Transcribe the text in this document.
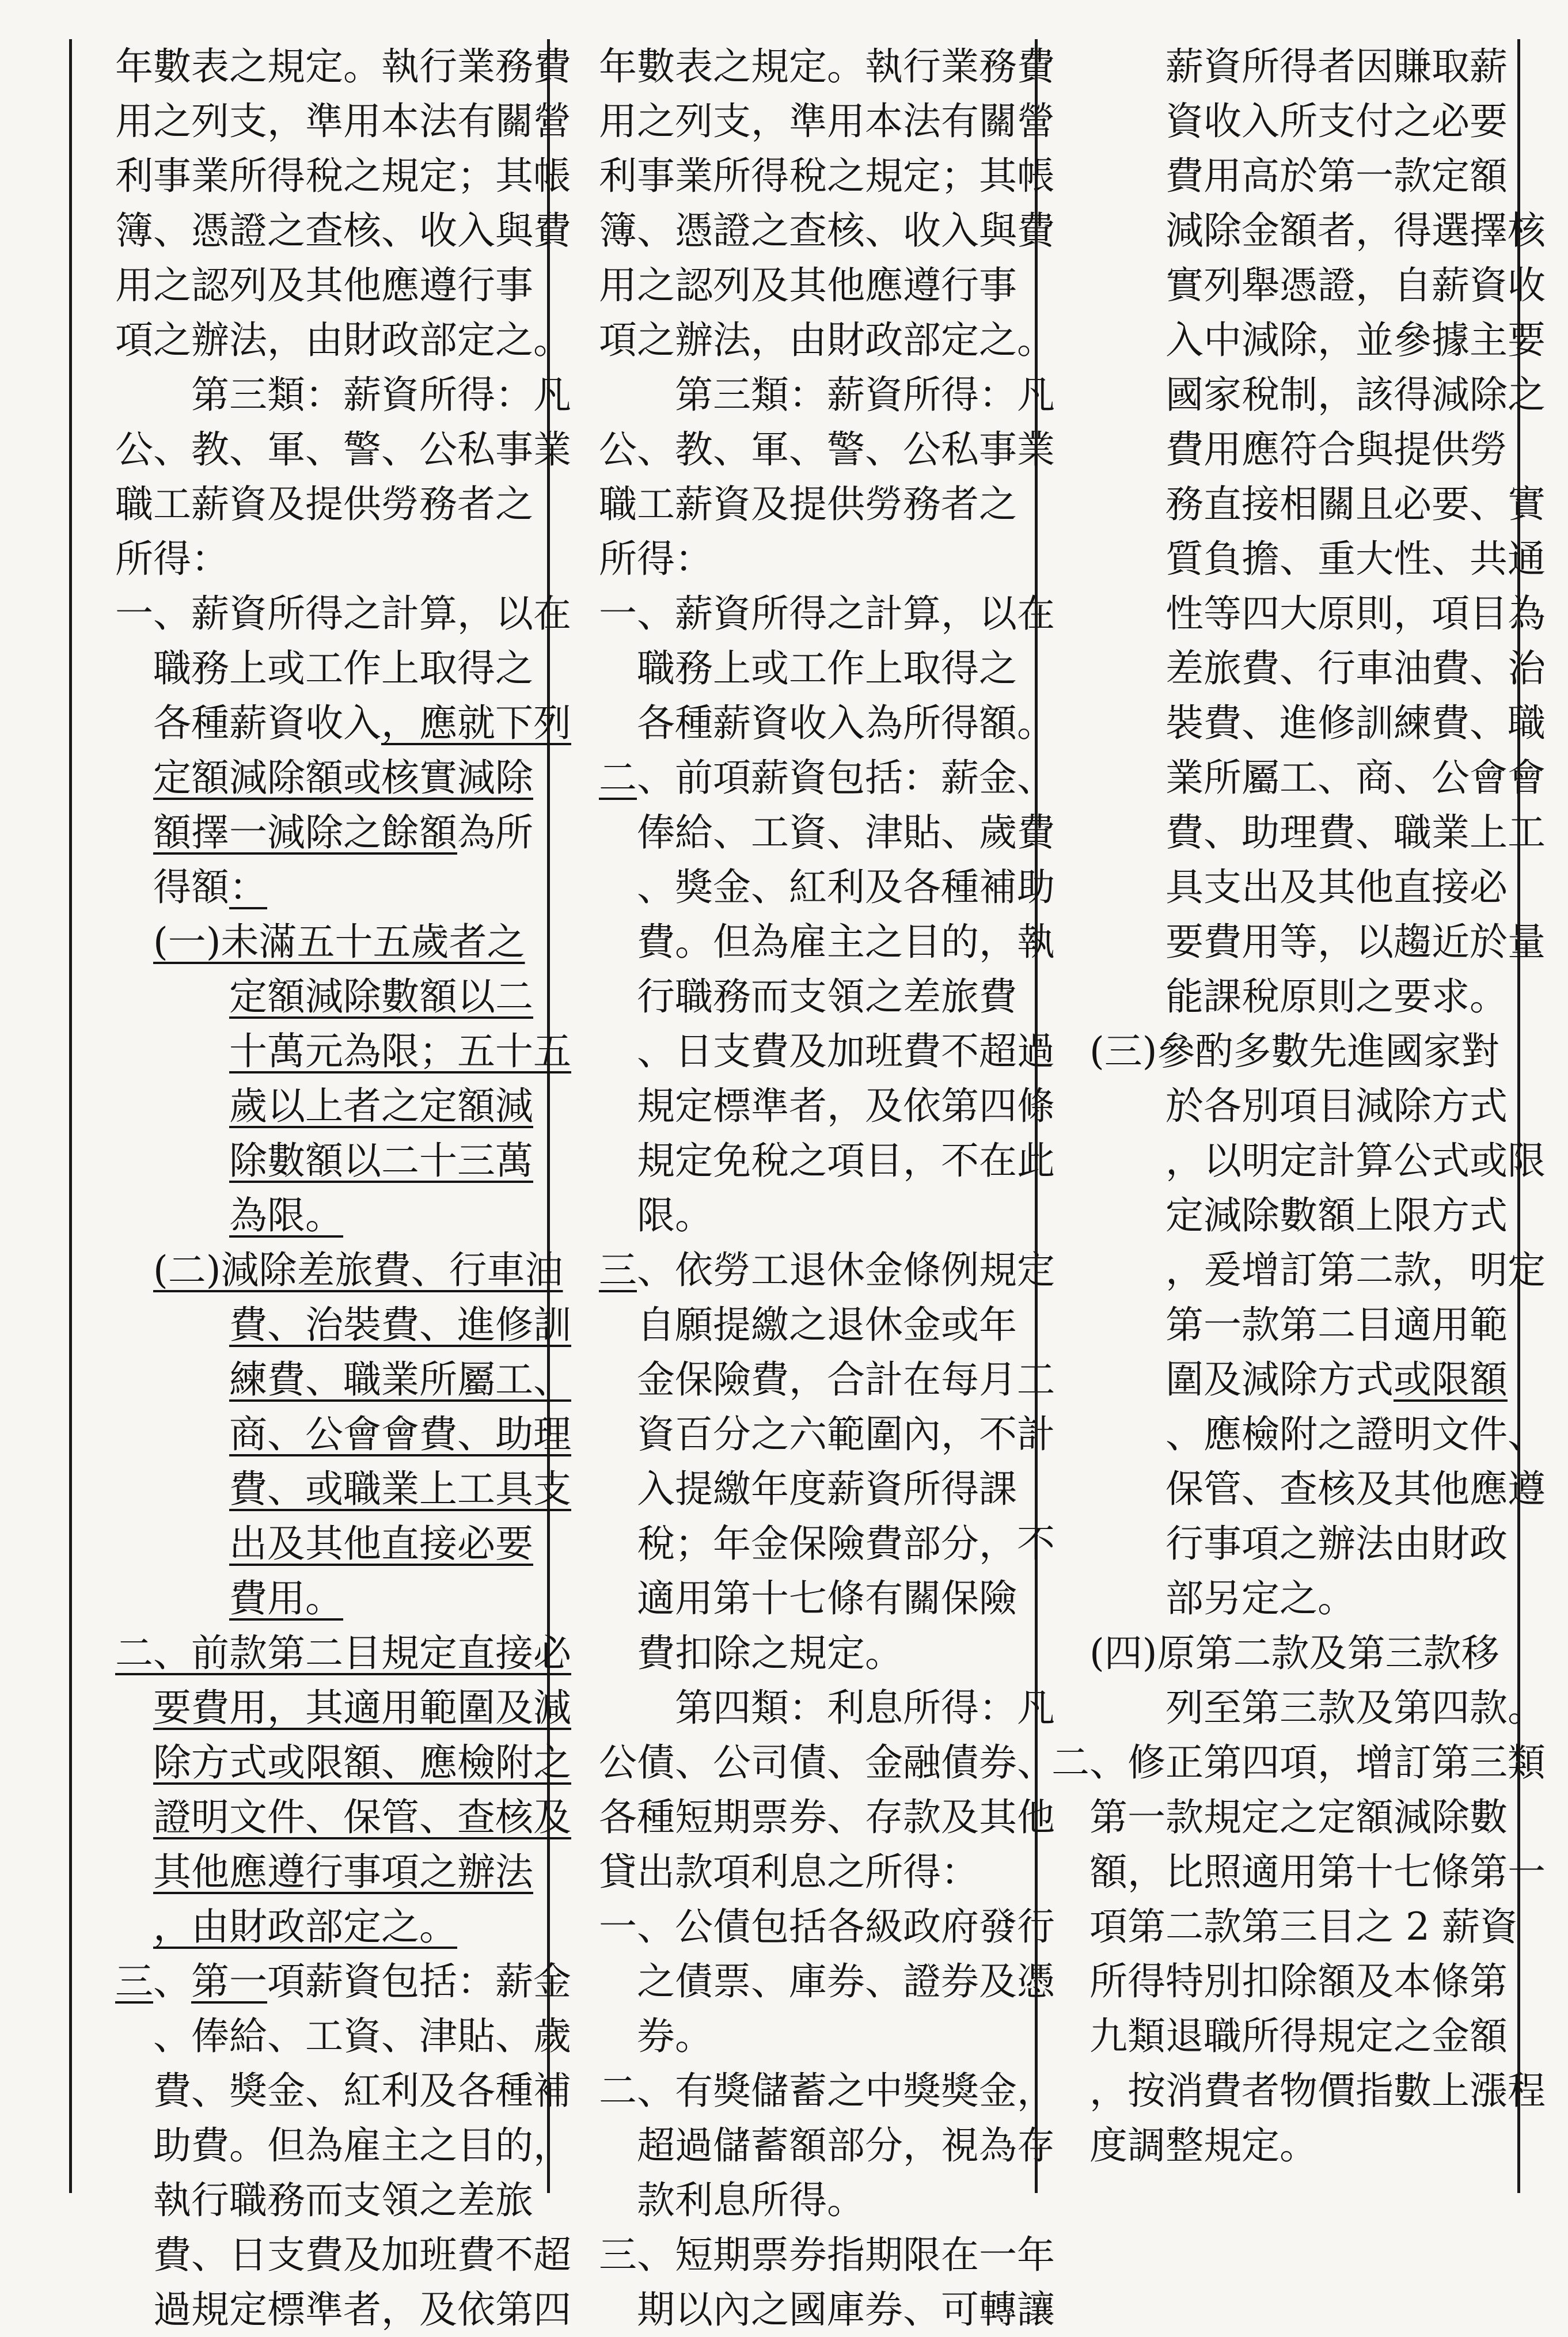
年數表之規定。執行業務費
用之列支，準用本法有關營
利事業所得稅之規定；其帳
簿、憑證之查核、收入與費
用之認列及其他應遵行事
項之辦法，由財政部定之。
第三類：薪資所得：凡
公、教、軍、警、公私事業
職工薪資及提供勞務者之
所得：
一、薪資所得之計算，以在
職務上或工作上取得之
各種薪資收入，應就下列
定額減除額或核實減除
額擇一減除之餘額為所
得額：
(一)未滿五十五歲者之
定額減除數額以二
十萬元為限；五十五
歲以上者之定額減
除數額以二十三萬
為限。
(二)減除差旅費、行車油
費、治裝費、進修訓
練費、職業所屬工、
商、公會會費、助理
費、或職業上工具支
出及其他直接必要
費用。
二、前款第二目規定直接必
要費用，其適用範圍及減
除方式或限額、應檢附之
證明文件、保管、查核及
其他應遵行事項之辦法
，由財政部定之。
三、第一項薪資包括：薪金
、俸給、工資、津貼、歲
費、獎金、紅利及各種補
助費。但為雇主之目的，
執行職務而支領之差旅
費、日支費及加班費不超
過規定標準者，及依第四
年數表之規定。執行業務費
用之列支，準用本法有關營
利事業所得稅之規定；其帳
簿、憑證之查核、收入與費
用之認列及其他應遵行事
項之辦法，由財政部定之。
第三類：薪資所得：凡
公、教、軍、警、公私事業
職工薪資及提供勞務者之
所得：
一、薪資所得之計算，以在
職務上或工作上取得之
各種薪資收入為所得額。
二、前項薪資包括：薪金、
俸給、工資、津貼、歲費
、獎金、紅利及各種補助
費。但為雇主之目的，執
行職務而支領之差旅費
、日支費及加班費不超過
規定標準者，及依第四條
規定免稅之項目，不在此
限。
三、依勞工退休金條例規定
自願提繳之退休金或年
金保險費，合計在每月工
資百分之六範圍內，不計
入提繳年度薪資所得課
稅；年金保險費部分，不
適用第十七條有關保險
費扣除之規定。
第四類：利息所得：凡
公債、公司債、金融債券、
各種短期票券、存款及其他
貸出款項利息之所得：
一、公債包括各級政府發行
之債票、庫券、證券及憑
券。
二、有獎儲蓄之中獎獎金，
超過儲蓄額部分，視為存
款利息所得。
三、短期票券指期限在一年
期以內之國庫券、可轉讓
薪資所得者因賺取薪
資收入所支付之必要
費用高於第一款定額
減除金額者，得選擇核
實列舉憑證，自薪資收
入中減除，並參據主要
國家稅制，該得減除之
費用應符合與提供勞
務直接相關且必要、實
質負擔、重大性、共通
性等四大原則，項目為
差旅費、行車油費、治
裝費、進修訓練費、職
業所屬工、商、公會會
費、助理費、職業上工
具支出及其他直接必
要費用等，以趨近於量
能課稅原則之要求。
(三)參酌多數先進國家對
於各別項目減除方式
，以明定計算公式或限
定減除數額上限方式
，爰增訂第二款，明定
第一款第二目適用範
圍及減除方式或限額
、應檢附之證明文件、
保管、查核及其他應遵
行事項之辦法由財政
部另定之。
(四)原第二款及第三款移
列至第三款及第四款。
二、修正第四項，增訂第三類
第一款規定之定額減除數
額，比照適用第十七條第一
項第二款第三目之 2 薪資
所得特別扣除額及本條第
九類退職所得規定之金額
，按消費者物價指數上漲程
度調整規定。
